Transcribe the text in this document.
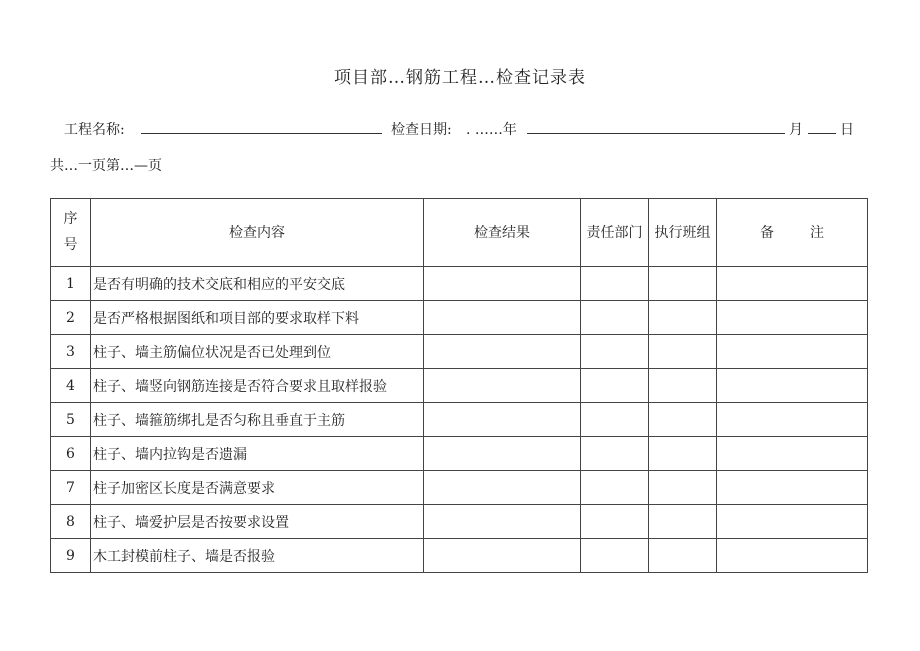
项目部…钢筋工程…检查记录表
工程名称:	检查日期: . ……年	月	日
共…一页第…—页
序号	检查内容	检查结果	责任部门	执行班组	备 注
1	是否有明确的技术交底和相应的平安交底				
2	是否严格根据图纸和项目部的要求取样下料				
3	柱子、墙主筋偏位状况是否已处理到位				
4	柱子、墙竖向钢筋连接是否符合要求且取样报验				
5	柱子、墙箍筋绑扎是否匀称且垂直于主筋				
6	柱子、墙内拉钩是否遗漏				
7	柱子加密区长度是否满意要求				
8	柱子、墙爱护层是否按要求设置				
9	木工封模前柱子、墙是否报验				
